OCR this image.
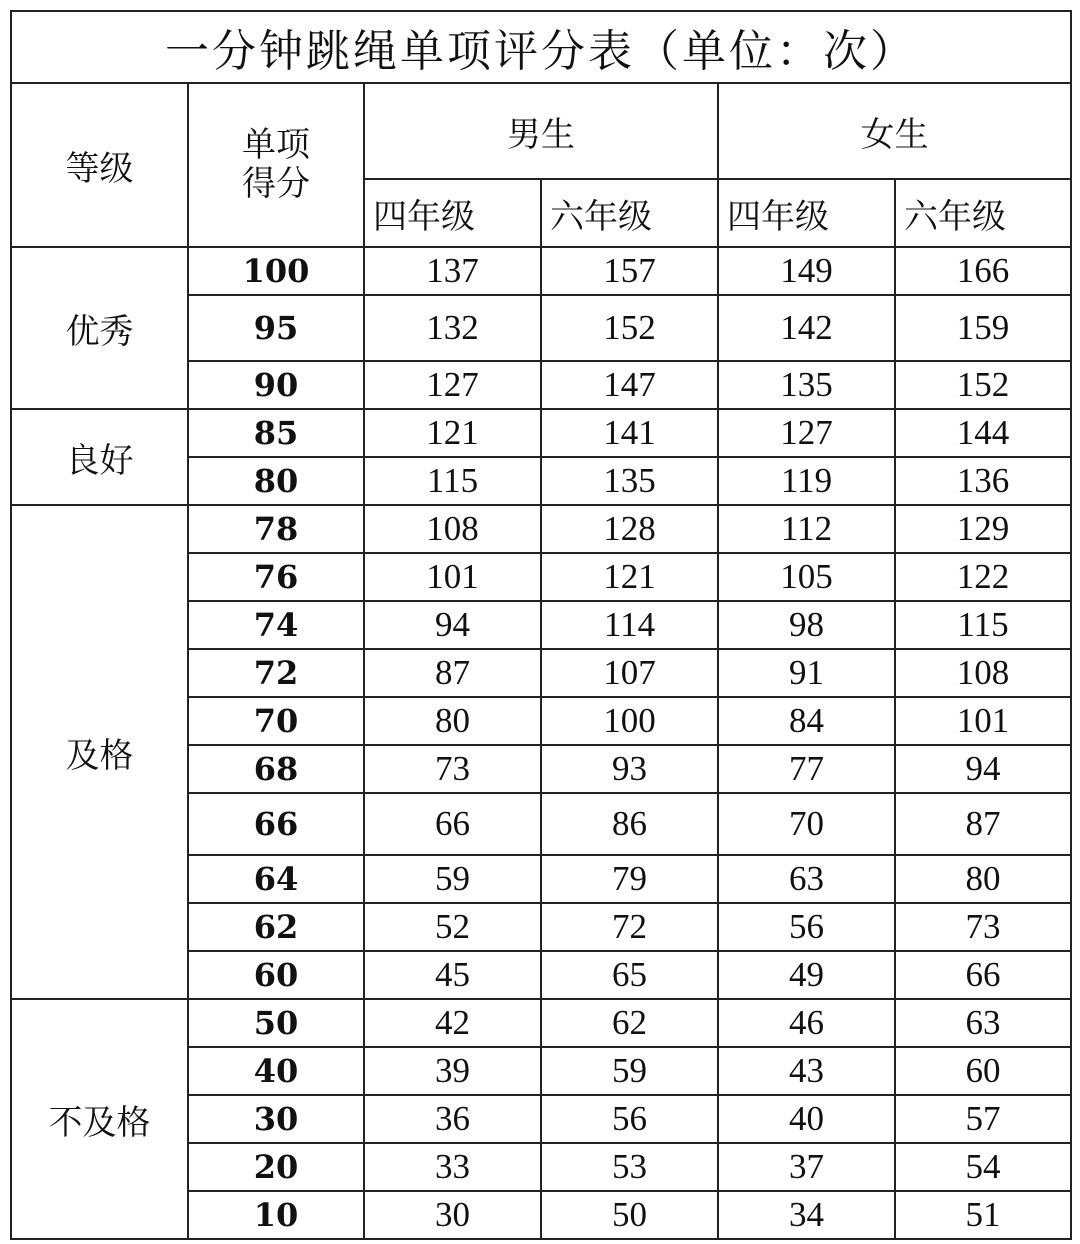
一分钟跳绳单项评分表（单位：次）					
等级	单项得分	男生		女生	
		四年级	六年级	四年级	六年级
优秀	100	137	157	149	166
	95	132	152	142	159
	90	127	147	135	152
良好	85	121	141	127	144
	80	115	135	119	136
及格	78	108	128	112	129
	76	101	121	105	122
	74	94	114	98	115
	72	87	107	91	108
	70	80	100	84	101
	68	73	93	77	94
	66	66	86	70	87
	64	59	79	63	80
	62	52	72	56	73
	60	45	65	49	66
不及格	50	42	62	46	63
	40	39	59	43	60
	30	36	56	40	57
	20	33	53	37	54
	10	30	50	34	51
